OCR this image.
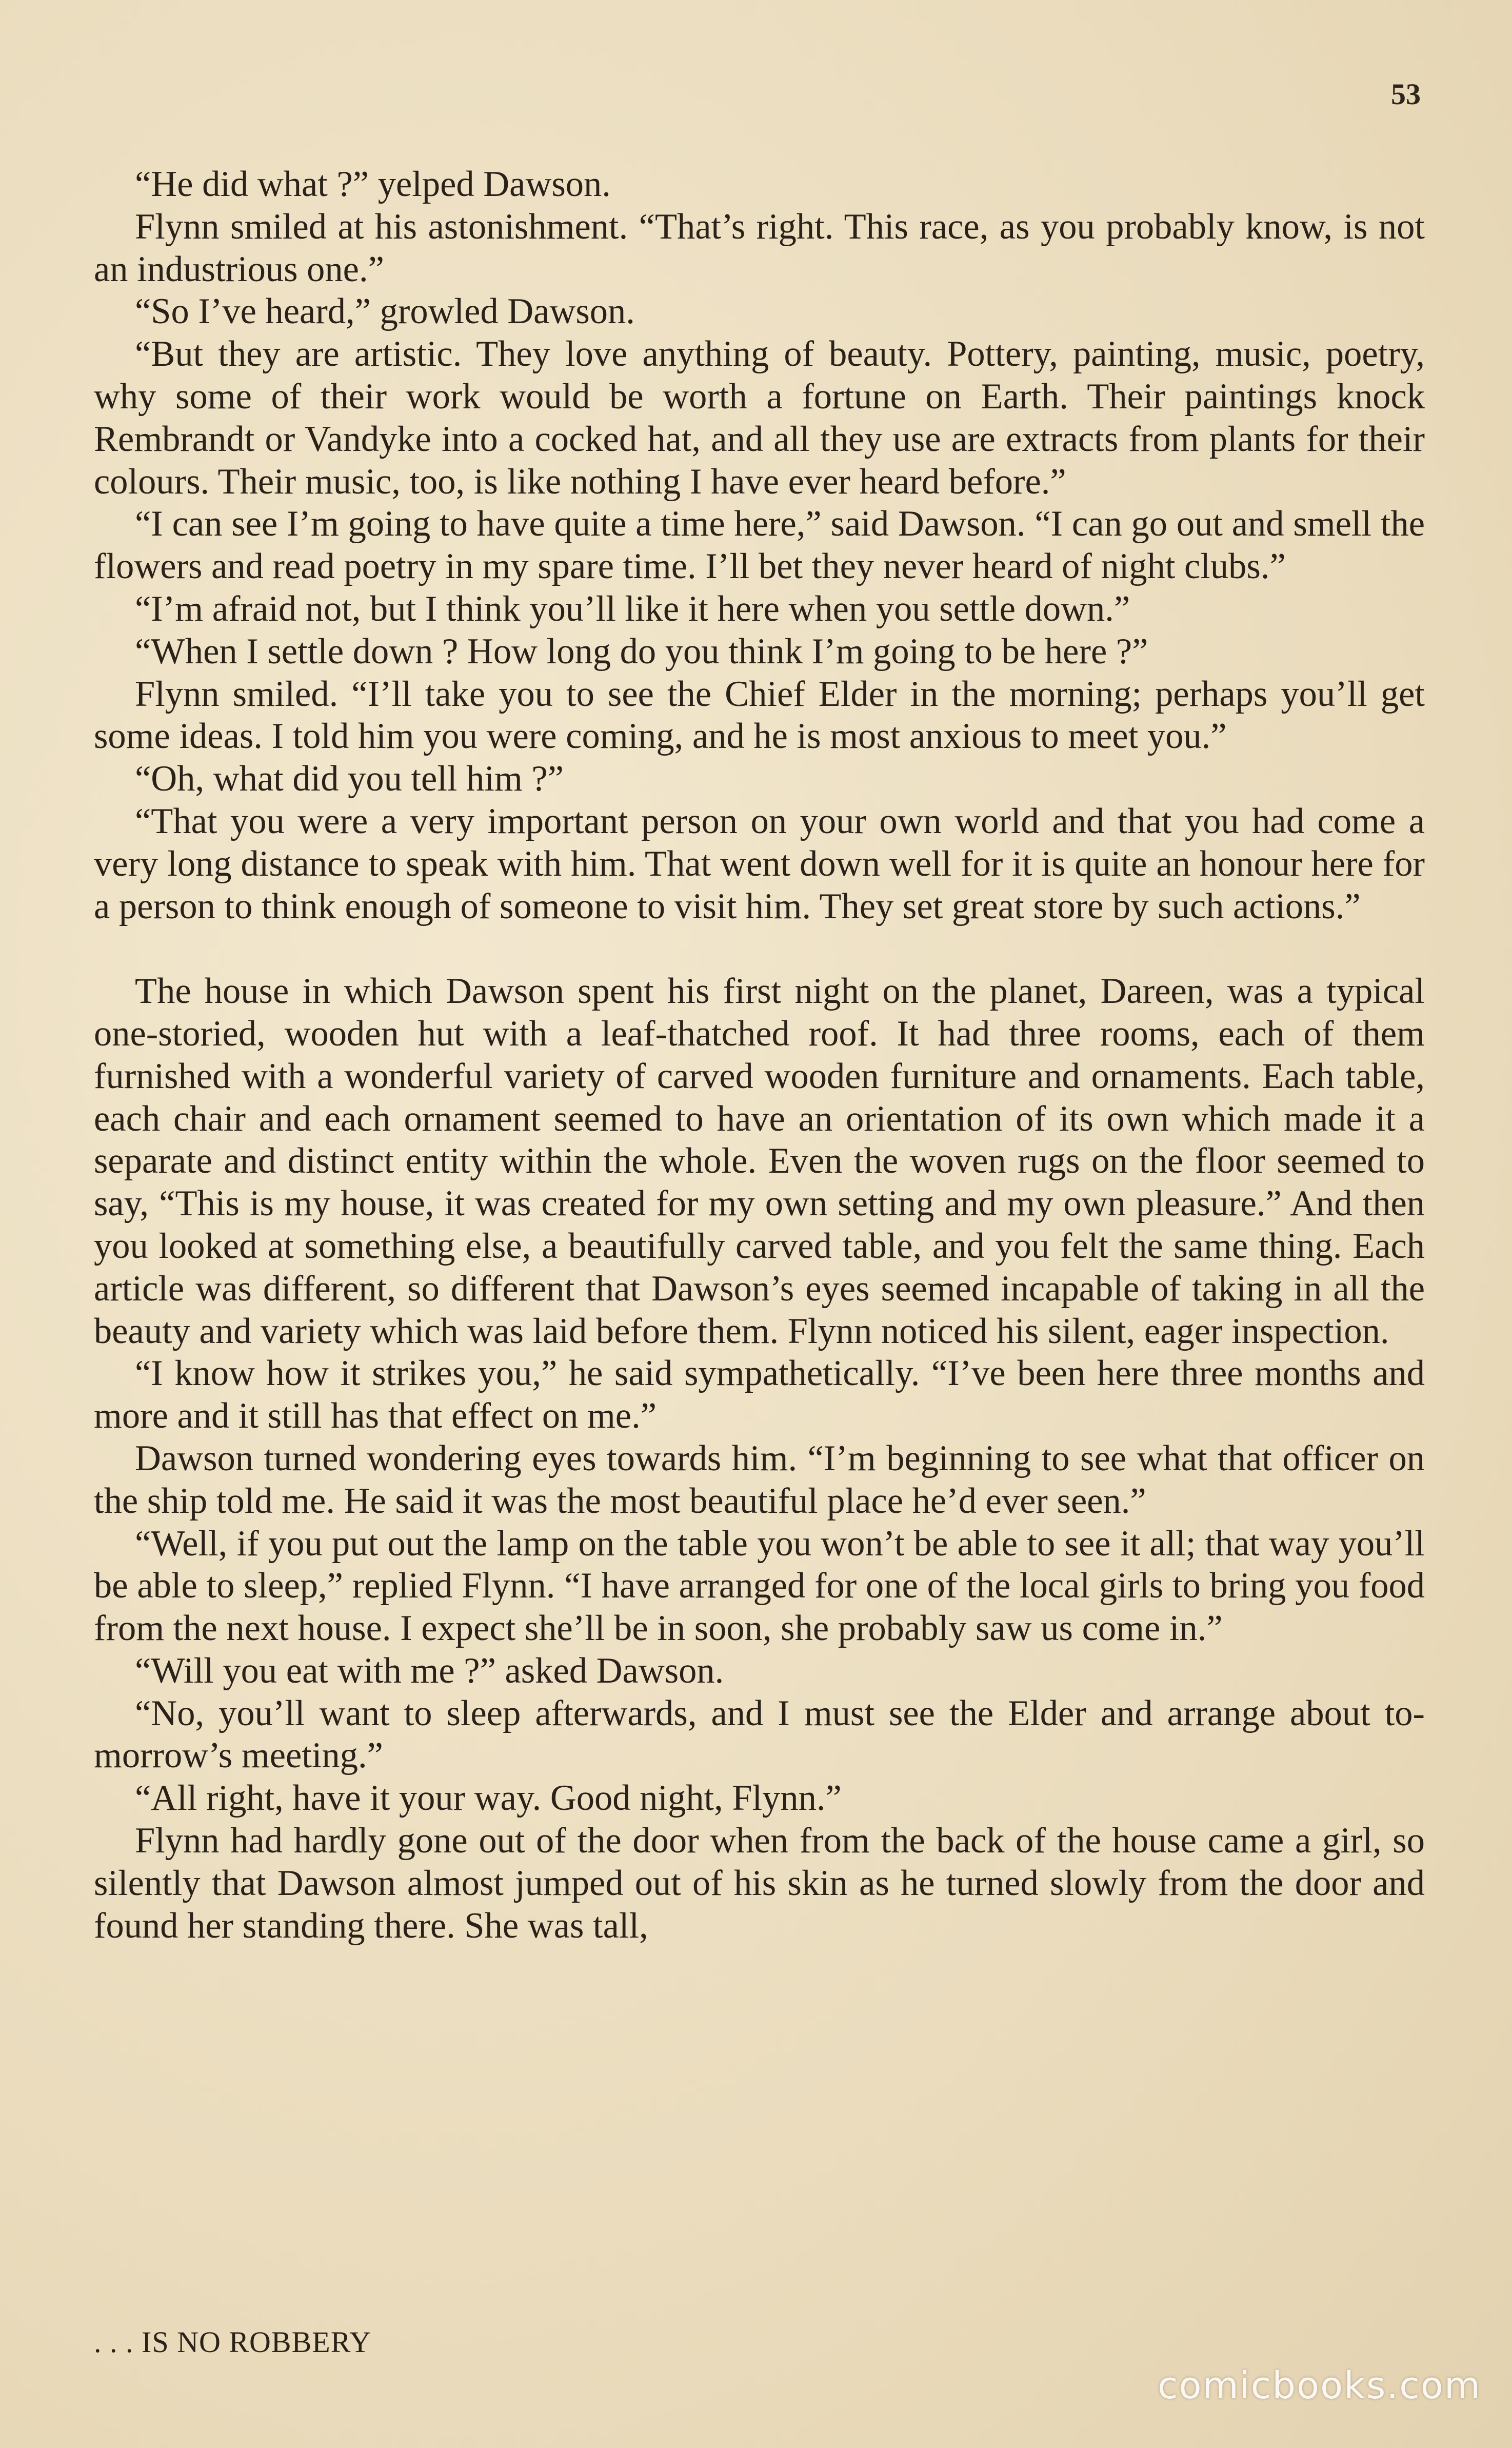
53

“He did what ?” yelped Dawson.

Flynn smiled at his astonishment. “That’s right. This race, as you probably know, is not an industrious one.”

“So I’ve heard,” growled Dawson.

“But they are artistic. They love anything of beauty. Pottery, painting, music, poetry, why some of their work would be worth a fortune on Earth. Their paintings knock Rembrandt or Vandyke into a cocked hat, and all they use are extracts from plants for their colours. Their music, too, is like nothing I have ever heard before.”

“I can see I’m going to have quite a time here,” said Dawson. “I can go out and smell the flowers and read poetry in my spare time. I’ll bet they never heard of night clubs.”

“I’m afraid not, but I think you’ll like it here when you settle down.”

“When I settle down ? How long do you think I’m going to be here ?”

Flynn smiled. “I’ll take you to see the Chief Elder in the morning; perhaps you’ll get some ideas. I told him you were coming, and he is most anxious to meet you.”

“Oh, what did you tell him ?”

“That you were a very important person on your own world and that you had come a very long distance to speak with him. That went down well for it is quite an honour here for a person to think enough of someone to visit him. They set great store by such actions.”

The house in which Dawson spent his first night on the planet, Dareen, was a typical one-storied, wooden hut with a leaf-thatched roof. It had three rooms, each of them furnished with a wonderful variety of carved wooden furniture and ornaments. Each table, each chair and each ornament seemed to have an orientation of its own which made it a separate and distinct entity within the whole. Even the woven rugs on the floor seemed to say, “This is my house, it was created for my own setting and my own pleasure.” And then you looked at something else, a beautifully carved table, and you felt the same thing. Each article was different, so different that Dawson’s eyes seemed incapable of taking in all the beauty and variety which was laid before them. Flynn noticed his silent, eager inspection.

“I know how it strikes you,” he said sympathetically. “I’ve been here three months and more and it still has that effect on me.”

Dawson turned wondering eyes towards him. “I’m beginning to see what that officer on the ship told me. He said it was the most beautiful place he’d ever seen.”

“Well, if you put out the lamp on the table you won’t be able to see it all; that way you’ll be able to sleep,” replied Flynn. “I have arranged for one of the local girls to bring you food from the next house. I expect she’ll be in soon, she probably saw us come in.”

“Will you eat with me ?” asked Dawson.

“No, you’ll want to sleep afterwards, and I must see the Elder and arrange about to-morrow’s meeting.”

“All right, have it your way. Good night, Flynn.”

Flynn had hardly gone out of the door when from the back of the house came a girl, so silently that Dawson almost jumped out of his skin as he turned slowly from the door and found her standing there. She was tall,

. . . IS NO ROBBERY
comicbooks.com
